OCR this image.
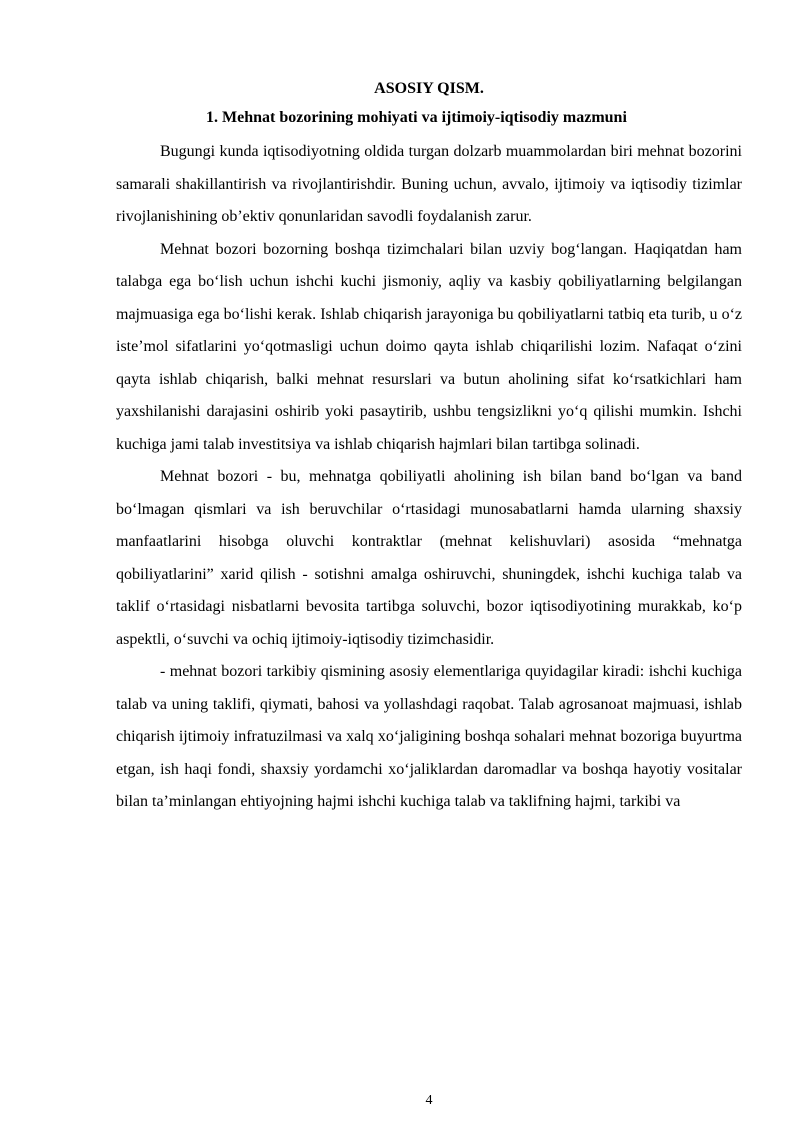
ASOSIY QISM.
1. Mehnat bozorining mohiyati va ijtimoiy-iqtisodiy mazmuni

Bugungi kunda iqtisodiyotning oldida turgan dolzarb muammolardan biri mehnat bozorini samarali shakillantirish va rivojlantirishdir. Buning uchun, avvalo, ijtimoiy va iqtisodiy tizimlar rivojlanishining ob’ektiv qonunlaridan savodli foydalanish zarur.

Mehnat bozori bozorning boshqa tizimchalari bilan uzviy bog‘langan. Haqiqatdan ham talabga ega bo‘lish uchun ishchi kuchi jismoniy, aqliy va kasbiy qobiliyatlarning belgilangan majmuasiga ega bo‘lishi kerak. Ishlab chiqarish jarayoniga bu qobiliyatlarni tatbiq eta turib, u o‘z iste’mol sifatlarini yo‘qotmasligi uchun doimo qayta ishlab chiqarilishi lozim. Nafaqat o‘zini qayta ishlab chiqarish, balki mehnat resurslari va butun aholining sifat ko‘rsatkichlari ham yaxshilanishi darajasini oshirib yoki pasaytirib, ushbu tengsizlikni yo‘q qilishi mumkin. Ishchi kuchiga jami talab investitsiya va ishlab chiqarish hajmlari bilan tartibga solinadi.

Mehnat bozori - bu, mehnatga qobiliyatli aholining ish bilan band bo‘lgan va band bo‘lmagan qismlari va ish beruvchilar o‘rtasidagi munosabatlarni hamda ularning shaxsiy manfaatlarini hisobga oluvchi kontraktlar (mehnat kelishuvlari) asosida “mehnatga qobiliyatlarini” xarid qilish - sotishni amalga oshiruvchi, shuningdek, ishchi kuchiga talab va taklif o‘rtasidagi nisbatlarni bevosita tartibga soluvchi, bozor iqtisodiyotining murakkab, ko‘p aspektli, o‘suvchi va ochiq ijtimoiy-iqtisodiy tizimchasidir.

- mehnat bozori tarkibiy qismining asosiy elementlariga quyidagilar kiradi: ishchi kuchiga talab va uning taklifi, qiymati, bahosi va yollashdagi raqobat. Talab agrosanoat majmuasi, ishlab chiqarish ijtimoiy infratuzilmasi va xalq xo‘jaligining boshqa sohalari mehnat bozoriga buyurtma etgan, ish haqi fondi, shaxsiy yordamchi xo‘jaliklardan daromadlar va boshqa hayotiy vositalar bilan ta’minlangan ehtiyojning hajmi ishchi kuchiga talab va taklifning hajmi, tarkibi va

4
